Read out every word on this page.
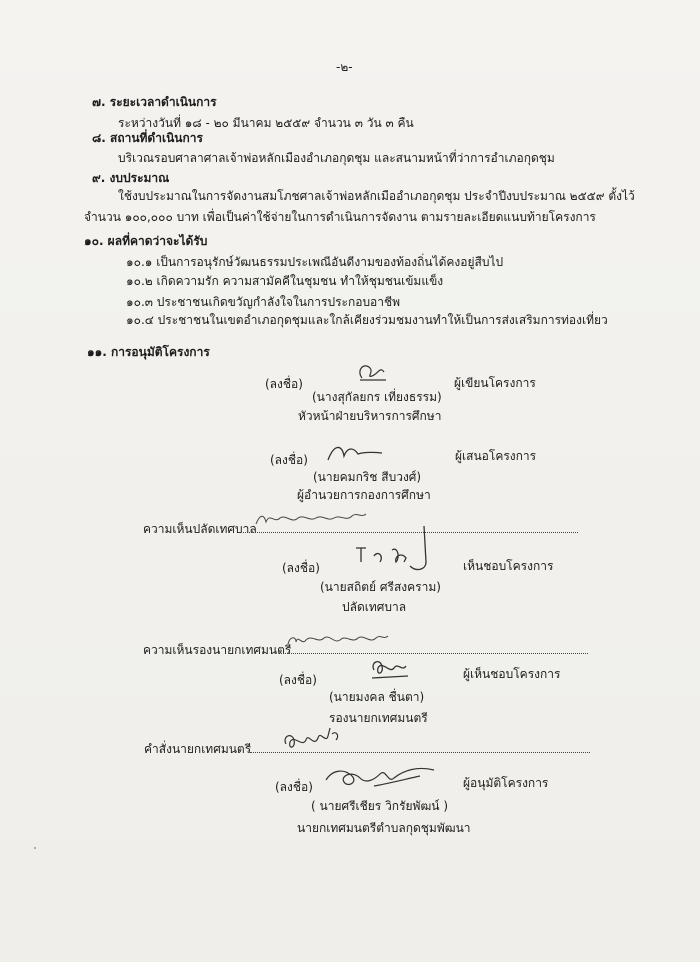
-๒-
๗. ระยะเวลาดำเนินการ
ระหว่างวันที่ ๑๘ - ๒๐ มีนาคม ๒๕๕๙ จำนวน ๓ วัน ๓ คืน
๘. สถานที่ดำเนินการ
บริเวณรอบศาลาศาลเจ้าพ่อหลักเมืองอำเภอกุดชุม และสนามหน้าที่ว่าการอำเภอกุดชุม
๙. งบประมาณ
ใช้งบประมาณในการจัดงานสมโภชศาลเจ้าพ่อหลักเมืออำเภอกุดชุม ประจำปีงบประมาณ ๒๕๕๙ ตั้งไว้
จำนวน ๑๐๐,๐๐๐ บาท เพื่อเป็นค่าใช้จ่ายในการดำเนินการจัดงาน ตามรายละเอียดแนบท้ายโครงการ
๑๐. ผลที่คาดว่าจะได้รับ
๑๐.๑ เป็นการอนุรักษ์วัฒนธรรมประเพณีอันดีงามของท้องถิ่นได้คงอยู่สืบไป
๑๐.๒ เกิดความรัก ความสามัคคีในชุมชน ทำให้ชุมชนเข้มแข็ง
๑๐.๓ ประชาชนเกิดขวัญกำลังใจในการประกอบอาชีพ
๑๐.๔ ประชาชนในเขตอำเภอกุดชุมและใกล้เคียงร่วมชมงานทำให้เป็นการส่งเสริมการท่องเที่ยว
๑๑. การอนุมัติโครงการ
(ลงชื่อ)	ผู้เขียนโครงการ
(นางสุกัลยกร เที่ยงธรรม)
หัวหน้าฝ่ายบริหารการศึกษา
(ลงชื่อ)	ผู้เสนอโครงการ
(นายคมกริช สีบวงศ์)
ผู้อำนวยการกองการศึกษา
ความเห็นปลัดเทศบาล
(ลงชื่อ)	เห็นชอบโครงการ
(นายสถิตย์ ศรีสงคราม)
ปลัดเทศบาล
ความเห็นรองนายกเทศมนตรี
(ลงชื่อ)	ผู้เห็นชอบโครงการ
(นายมงคล ชื่นตา)
รองนายกเทศมนตรี
คำสั่งนายกเทศมนตรี
(ลงชื่อ)	ผู้อนุมัติโครงการ
( นายศรีเชียร วิกรัยพัฒน์ )
นายกเทศมนตรีตำบลกุดชุมพัฒนา
